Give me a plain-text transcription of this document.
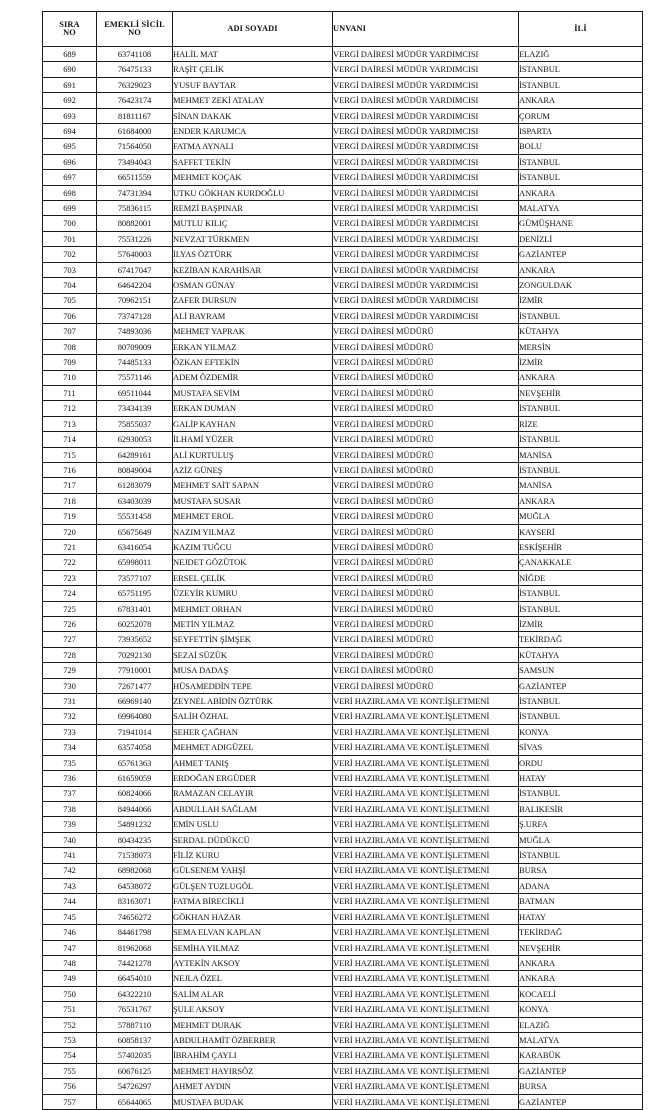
SIRA
NO	EMEKLİ SİCİL
NO	ADI SOYADI	UNVANI	İLİ
689	63741108	HALİL MAT	VERGİ DAİRESİ MÜDÜR YARDIMCISI	ELAZIĞ
690	76475133	RAŞİT ÇELİK	VERGİ DAİRESİ MÜDÜR YARDIMCISI	İSTANBUL
691	76329023	YUSUF BAYTAR	VERGİ DAİRESİ MÜDÜR YARDIMCISI	İSTANBUL
692	76423174	MEHMET ZEKİ ATALAY	VERGİ DAİRESİ MÜDÜR YARDIMCISI	ANKARA
693	81811167	SİNAN DAKAK	VERGİ DAİRESİ MÜDÜR YARDIMCISI	ÇORUM
694	61684000	ENDER KARUMCA	VERGİ DAİRESİ MÜDÜR YARDIMCISI	ISPARTA
695	71564050	FATMA AYNALI	VERGİ DAİRESİ MÜDÜR YARDIMCISI	BOLU
696	73494043	SAFFET TEKİN	VERGİ DAİRESİ MÜDÜR YARDIMCISI	İSTANBUL
697	66511559	MEHMET KOÇAK	VERGİ DAİRESİ MÜDÜR YARDIMCISI	İSTANBUL
698	74731394	UTKU GÖKHAN KURDOĞLU	VERGİ DAİRESİ MÜDÜR YARDIMCISI	ANKARA
699	75836115	REMZİ BAŞPINAR	VERGİ DAİRESİ MÜDÜR YARDIMCISI	MALATYA
700	80882001	MUTLU KILIÇ	VERGİ DAİRESİ MÜDÜR YARDIMCISI	GÜMÜŞHANE
701	75531226	NEVZAT TÜRKMEN	VERGİ DAİRESİ MÜDÜR YARDIMCISI	DENİZLİ
702	57640003	İLYAS ÖZTÜRK	VERGİ DAİRESİ MÜDÜR YARDIMCISI	GAZİANTEP
703	67417047	KEZİBAN KARAHİSAR	VERGİ DAİRESİ MÜDÜR YARDIMCISI	ANKARA
704	64642204	OSMAN GÜNAY	VERGİ DAİRESİ MÜDÜR YARDIMCISI	ZONGULDAK
705	70962151	ZAFER DURSUN	VERGİ DAİRESİ MÜDÜR YARDIMCISI	İZMİR
706	73747128	ALİ BAYRAM	VERGİ DAİRESİ MÜDÜR YARDIMCISI	İSTANBUL
707	74893036	MEHMET YAPRAK	VERGİ DAİRESİ MÜDÜRÜ	KÜTAHYA
708	80709009	ERKAN YILMAZ	VERGİ DAİRESİ MÜDÜRÜ	MERSİN
709	74485133	ÖZKAN EFTEKİN	VERGİ DAİRESİ MÜDÜRÜ	İZMİR
710	75571146	ADEM ÖZDEMİR	VERGİ DAİRESİ MÜDÜRÜ	ANKARA
711	69511044	MUSTAFA SEVİM	VERGİ DAİRESİ MÜDÜRÜ	NEVŞEHİR
712	73434139	ERKAN DUMAN	VERGİ DAİRESİ MÜDÜRÜ	İSTANBUL
713	75855037	GALİP KAYHAN	VERGİ DAİRESİ MÜDÜRÜ	RİZE
714	62930053	İLHAMİ YÜZER	VERGİ DAİRESİ MÜDÜRÜ	İSTANBUL
715	64289161	ALİ KURTULUŞ	VERGİ DAİRESİ MÜDÜRÜ	MANİSA
716	80849004	AZİZ GÜNEŞ	VERGİ DAİRESİ MÜDÜRÜ	İSTANBUL
717	61283079	MEHMET SAİT SAPAN	VERGİ DAİRESİ MÜDÜRÜ	MANİSA
718	63403039	MUSTAFA SUSAR	VERGİ DAİRESİ MÜDÜRÜ	ANKARA
719	55531458	MEHMET EROL	VERGİ DAİRESİ MÜDÜRÜ	MUĞLA
720	65675649	NAZIM YILMAZ	VERGİ DAİRESİ MÜDÜRÜ	KAYSERİ
721	63416054	KAZIM TUĞCU	VERGİ DAİRESİ MÜDÜRÜ	ESKİŞEHİR
722	65998011	NEJDET GÖZÜTOK	VERGİ DAİRESİ MÜDÜRÜ	ÇANAKKALE
723	73577107	ERSEL ÇELİK	VERGİ DAİRESİ MÜDÜRÜ	NİĞDE
724	65751195	ÜZEYİR KUMRU	VERGİ DAİRESİ MÜDÜRÜ	İSTANBUL
725	67831401	MEHMET ORHAN	VERGİ DAİRESİ MÜDÜRÜ	İSTANBUL
726	60252078	METİN YILMAZ	VERGİ DAİRESİ MÜDÜRÜ	İZMİR
727	73935652	SEYFETTİN ŞİMŞEK	VERGİ DAİRESİ MÜDÜRÜ	TEKİRDAĞ
728	70292130	SEZAİ SÜZÜK	VERGİ DAİRESİ MÜDÜRÜ	KÜTAHYA
729	77910001	MUSA DADAŞ	VERGİ DAİRESİ MÜDÜRÜ	SAMSUN
730	72671477	HÜSAMEDDİN TEPE	VERGİ DAİRESİ MÜDÜRÜ	GAZİANTEP
731	66969140	ZEYNEL ABİDİN ÖZTÜRK	VERİ HAZIRLAMA VE KONT.İŞLETMENİ	İSTANBUL
732	69964080	SALİH ÖZHAL	VERİ HAZIRLAMA VE KONT.İŞLETMENİ	İSTANBUL
733	71941014	SEHER ÇAĞHAN	VERİ HAZIRLAMA VE KONT.İŞLETMENİ	KONYA
734	63574058	MEHMET ADIGÜZEL	VERİ HAZIRLAMA VE KONT.İŞLETMENİ	SİVAS
735	65761363	AHMET TANIŞ	VERİ HAZIRLAMA VE KONT.İŞLETMENİ	ORDU
736	61659059	ERDOĞAN ERGÜDER	VERİ HAZIRLAMA VE KONT.İŞLETMENİ	HATAY
737	60824066	RAMAZAN CELAYIR	VERİ HAZIRLAMA VE KONT.İŞLETMENİ	İSTANBUL
738	84944066	ABDULLAH SAĞLAM	VERİ HAZIRLAMA VE KONT.İŞLETMENİ	BALIKESİR
739	54891232	EMİN USLU	VERİ HAZIRLAMA VE KONT.İŞLETMENİ	Ş.URFA
740	80434235	SERDAL DÜDÜKCÜ	VERİ HAZIRLAMA VE KONT.İŞLETMENİ	MUĞLA
741	71538073	FİLİZ KURU	VERİ HAZIRLAMA VE KONT.İŞLETMENİ	İSTANBUL
742	68982068	GÜLSENEM YAHŞİ	VERİ HAZIRLAMA VE KONT.İŞLETMENİ	BURSA
743	64538072	GÜLŞEN TUZLUGÖL	VERİ HAZIRLAMA VE KONT.İŞLETMENİ	ADANA
744	83163071	FATMA BİRECİKLİ	VERİ HAZIRLAMA VE KONT.İŞLETMENİ	BATMAN
745	74656272	GÖKHAN HAZAR	VERİ HAZIRLAMA VE KONT.İŞLETMENİ	HATAY
746	84461798	SEMA ELVAN KAPLAN	VERİ HAZIRLAMA VE KONT.İŞLETMENİ	TEKİRDAĞ
747	81962068	SEMİHA YILMAZ	VERİ HAZIRLAMA VE KONT.İŞLETMENİ	NEVŞEHİR
748	74421278	AYTEKİN AKSOY	VERİ HAZIRLAMA VE KONT.İŞLETMENİ	ANKARA
749	66454010	NEJLA ÖZEL	VERİ HAZIRLAMA VE KONT.İŞLETMENİ	ANKARA
750	64322210	SALİM ALAR	VERİ HAZIRLAMA VE KONT.İŞLETMENİ	KOCAELİ
751	76531767	ŞULE AKSOY	VERİ HAZIRLAMA VE KONT.İŞLETMENİ	KONYA
752	57887110	MEHMET DURAK	VERİ HAZIRLAMA VE KONT.İŞLETMENİ	ELAZIĞ
753	60858137	ABDULHAMİT ÖZBERBER	VERİ HAZIRLAMA VE KONT.İŞLETMENİ	MALATYA
754	57402035	İBRAHİM ÇAYLI	VERİ HAZIRLAMA VE KONT.İŞLETMENİ	KARABÜK
755	60676125	MEHMET HAYIRSÖZ	VERİ HAZIRLAMA VE KONT.İŞLETMENİ	GAZİANTEP
756	54726297	AHMET AYDIN	VERİ HAZIRLAMA VE KONT.İŞLETMENİ	BURSA
757	65644065	MUSTAFA BUDAK	VERİ HAZIRLAMA VE KONT.İŞLETMENİ	GAZİANTEP
